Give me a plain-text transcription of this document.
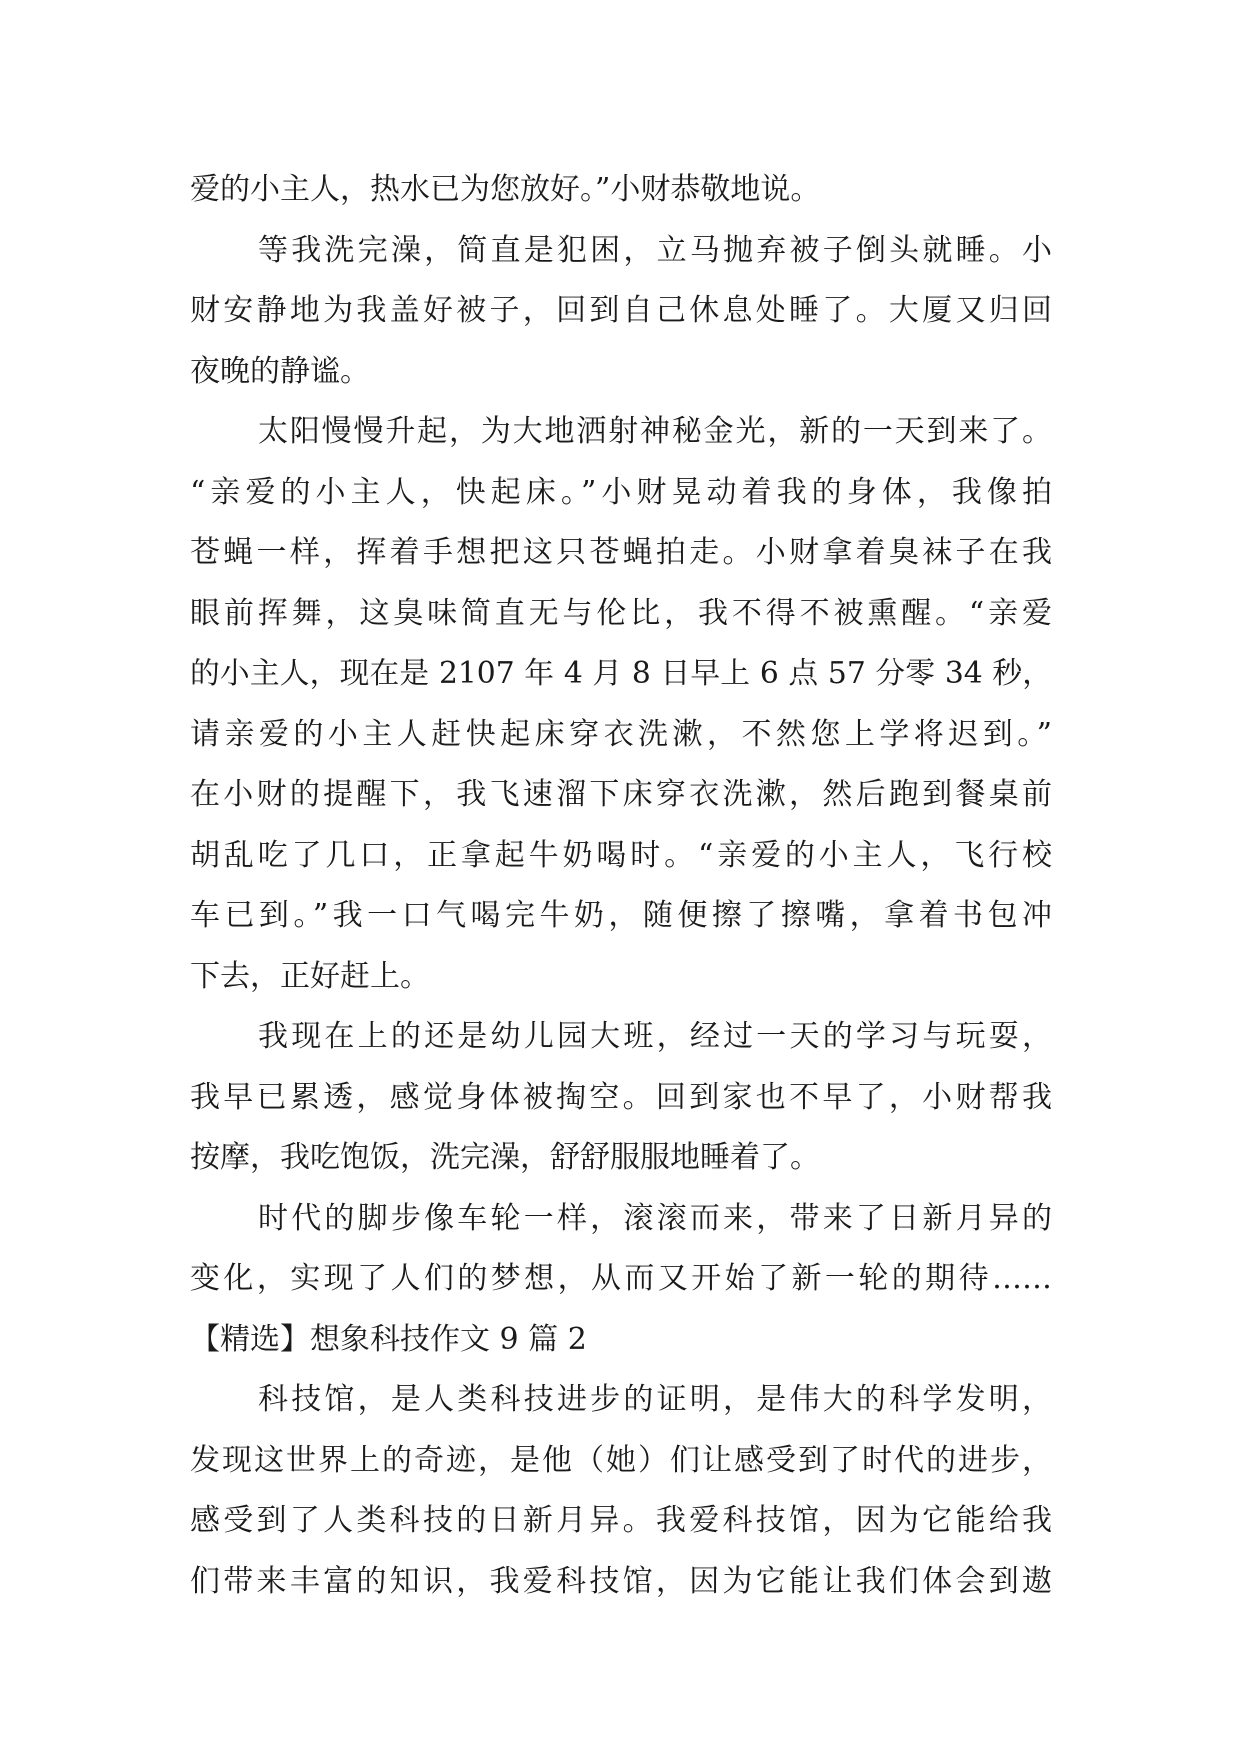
爱的小主人，热水已为您放好。”小财恭敬地说。
等我洗完澡，简直是犯困，立马抛弃被子倒头就睡。小
财安静地为我盖好被子，回到自己休息处睡了。大厦又归回
夜晚的静谧。
太阳慢慢升起，为大地洒射神秘金光，新的一天到来了。
“亲爱的小主人，快起床。”小财晃动着我的身体，我像拍
苍蝇一样，挥着手想把这只苍蝇拍走。小财拿着臭袜子在我
眼前挥舞，这臭味简直无与伦比，我不得不被熏醒。“亲爱
的小主人，现在是 2107 年 4 月 8 日早上 6 点 57 分零 34 秒，
请亲爱的小主人赶快起床穿衣洗漱，不然您上学将迟到。”
在小财的提醒下，我飞速溜下床穿衣洗漱，然后跑到餐桌前
胡乱吃了几口，正拿起牛奶喝时。“亲爱的小主人，飞行校
车已到。”我一口气喝完牛奶，随便擦了擦嘴，拿着书包冲
下去，正好赶上。
我现在上的还是幼儿园大班，经过一天的学习与玩耍，
我早已累透，感觉身体被掏空。回到家也不早了，小财帮我
按摩，我吃饱饭，洗完澡，舒舒服服地睡着了。
时代的脚步像车轮一样，滚滚而来，带来了日新月异的
变化，实现了人们的梦想，从而又开始了新一轮的期待……
【精选】想象科技作文 9 篇 2
科技馆，是人类科技进步的证明，是伟大的科学发明，
发现这世界上的奇迹，是他（她）们让感受到了时代的进步，
感受到了人类科技的日新月异。我爱科技馆，因为它能给我
们带来丰富的知识，我爱科技馆，因为它能让我们体会到遨
